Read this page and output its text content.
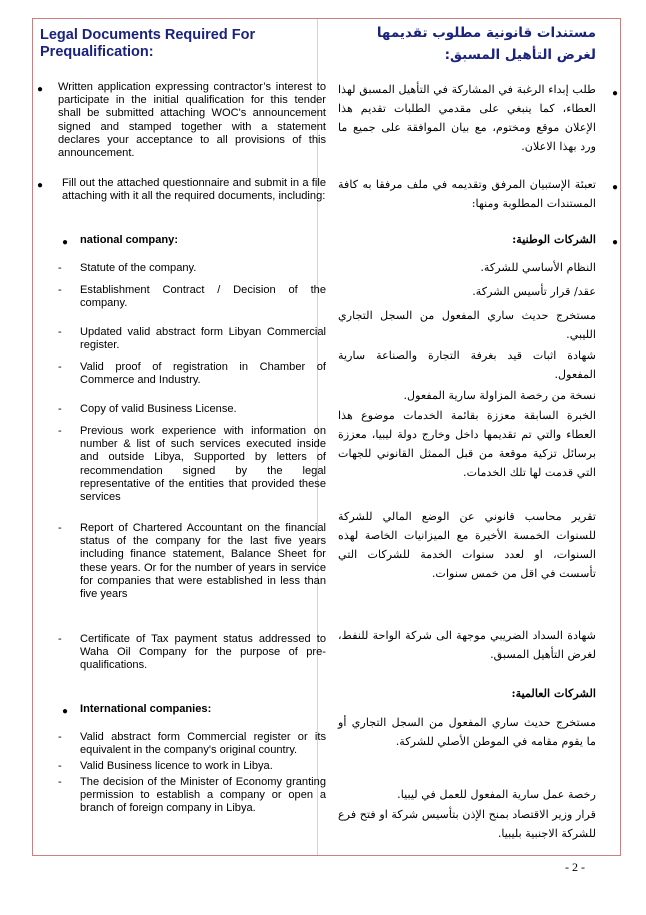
Legal Documents Required For Prequalification:
مستندات قانونية مطلوب تقديمها لغرض التأهيل المسبق:
● Written application expressing contractor’s interest to participate in the initial qualification for this tender shall be submitted attaching WOC's announcement signed and stamped together with a statement declares your acceptance to all provisions of this announcement.
● Fill out the attached questionnaire and submit in a file attaching with it all the required documents, including:
● national company:
- Statute of the company.
- Establishment Contract / Decision of the company.
- Updated valid abstract form Libyan Commercial register.
- Valid proof of registration in Chamber of Commerce and Industry.
- Copy of valid Business License.
- Previous work experience with information on number & list of such services executed inside and outside Libya, Supported by letters of recommendation signed by the legal representative of the entities that provided these services
- Report of Chartered Accountant on the financial status of the company for the last five years including finance statement, Balance Sheet for these years. Or for the number of years in service for companies that were established in less than five years
- Certificate of Tax payment status addressed to Waha Oil Company for the purpose of pre-qualifications.
● International companies:
- Valid abstract form Commercial register or its equivalent in the company's original country.
- Valid Business licence to work in Libya.
- The decision of the Minister of Economy granting permission to establish a company or open a branch of foreign company in Libya.
●
طلب إبداء الرغبة في المشاركة في التأهيل المسبق لهذا العطاء، كما ينبغي على مقدمي الطلبات تقديم هذا الإعلان موقع ومختوم، مع بيان الموافقة على جميع ما ورد بهذا الاعلان.
●
تعبئة الإستبيان المرفق وتقديمه في ملف مرفقا به كافة المستندات المطلوبة ومنها:
●
الشركات الوطنية:
النظام الأساسي للشركة.
عقد/ قرار تأسيس الشركة.
مستخرج حديث ساري المفعول من السجل التجاري الليبي.
شهادة اثبات قيد بغرفة التجارة والصناعة سارية المفعول.
نسخة من رخصة المزاولة سارية المفعول.
الخبرة السابقة معززة بقائمة الخدمات موضوع هذا العطاء والتي تم تقديمها داخل وخارج دولة ليبيا، معززة برسائل تزكية موقعة من قبل الممثل القانوني للجهات التي قدمت لها تلك الخدمات.
تقرير محاسب قانوني عن الوضع المالي للشركة للسنوات الخمسة الأخيرة مع الميزانيات الخاصة لهذه السنوات، او لعدد سنوات الخدمة للشركات التي تأسست في اقل من خمس سنوات.
شهادة السداد الضريبي موجهة الى شركة الواحة للنفط، لغرض التأهيل المسبق.
الشركات العالمية:
مستخرج حديث ساري المفعول من السجل التجاري أو ما يقوم مقامه في الموطن الأصلي للشركة.
رخصة عمل سارية المفعول للعمل في ليبيا.
قرار وزير الاقتصاد بمنح الإذن بتأسيس شركة او فتح فرع للشركة الاجنبية بليبيا.
- 2 -
